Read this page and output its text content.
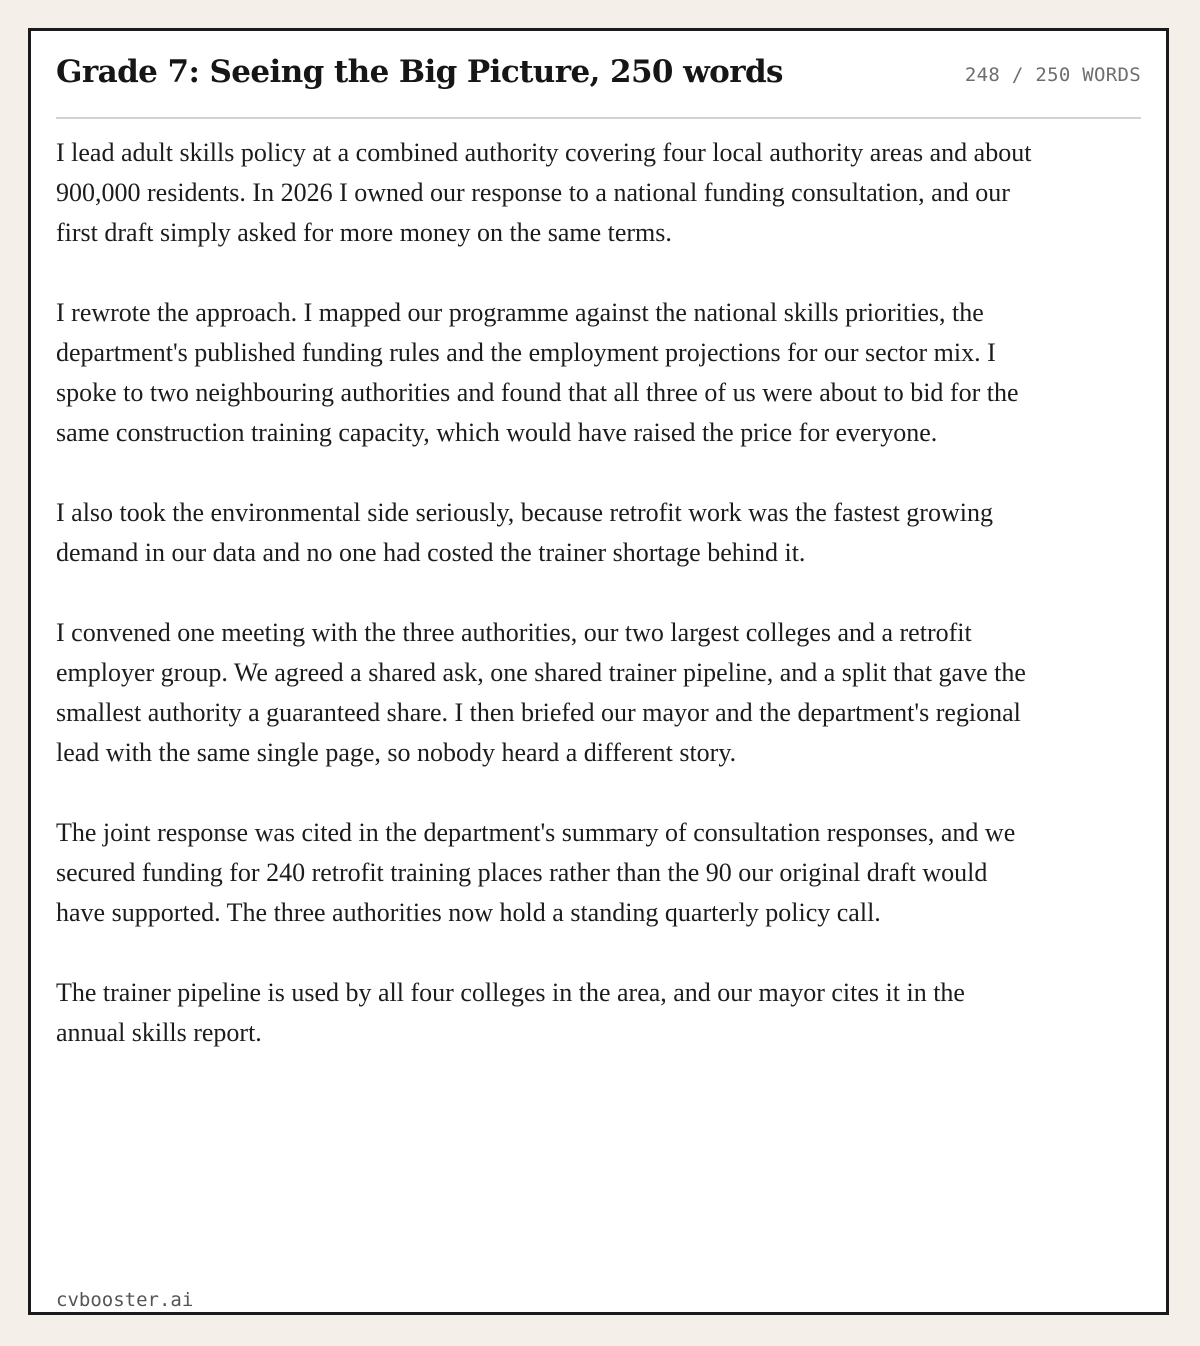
Grade 7: Seeing the Big Picture, 250 words	248 / 250 WORDS

I lead adult skills policy at a combined authority covering four local authority areas and about 900,000 residents. In 2026 I owned our response to a national funding consultation, and our first draft simply asked for more money on the same terms.

I rewrote the approach. I mapped our programme against the national skills priorities, the department's published funding rules and the employment projections for our sector mix. I spoke to two neighbouring authorities and found that all three of us were about to bid for the same construction training capacity, which would have raised the price for everyone.

I also took the environmental side seriously, because retrofit work was the fastest growing demand in our data and no one had costed the trainer shortage behind it.

I convened one meeting with the three authorities, our two largest colleges and a retrofit employer group. We agreed a shared ask, one shared trainer pipeline, and a split that gave the smallest authority a guaranteed share. I then briefed our mayor and the department's regional lead with the same single page, so nobody heard a different story.

The joint response was cited in the department's summary of consultation responses, and we secured funding for 240 retrofit training places rather than the 90 our original draft would have supported. The three authorities now hold a standing quarterly policy call.

The trainer pipeline is used by all four colleges in the area, and our mayor cites it in the annual skills report.

cvbooster.ai
